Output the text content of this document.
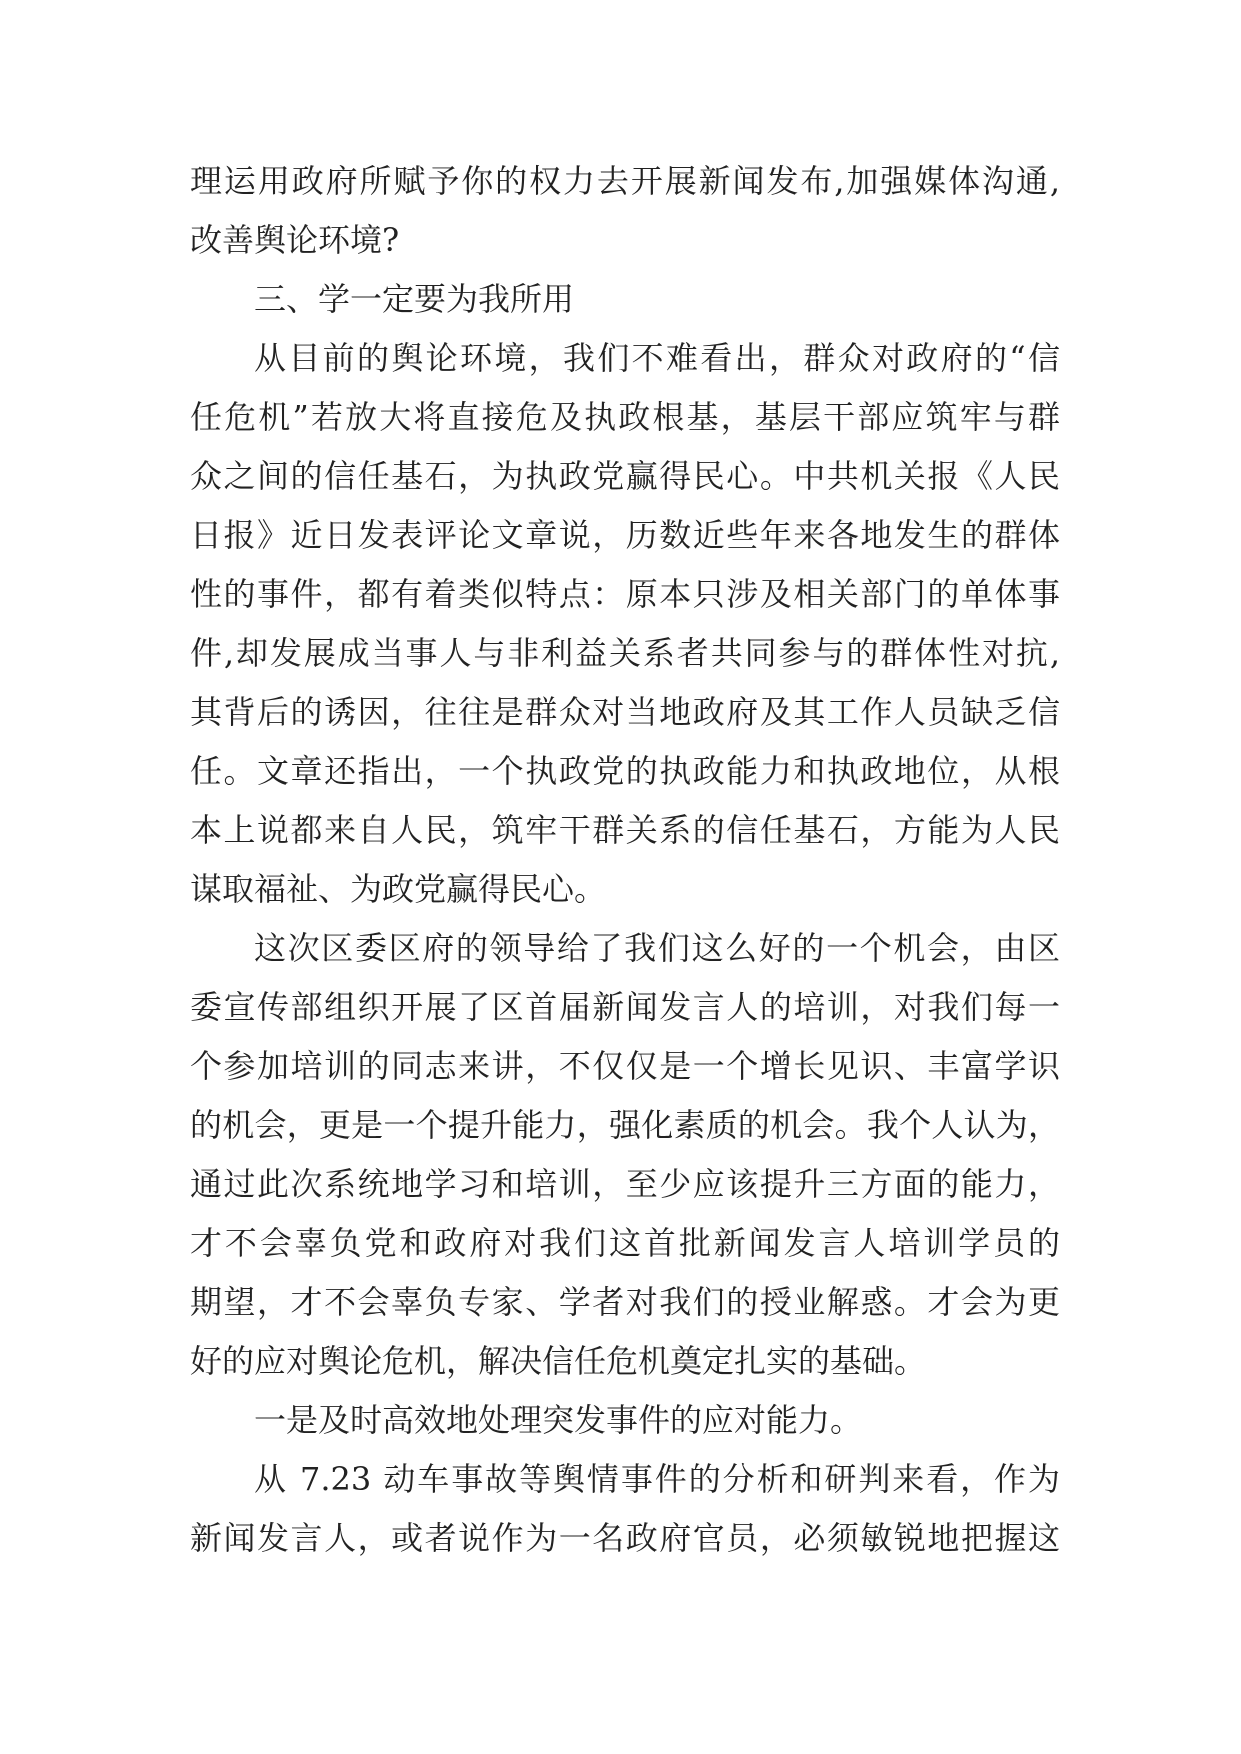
理运用政府所赋予你的权力去开展新闻发布,加强媒体沟通,
改善舆论环境?
三、学一定要为我所用
从目前的舆论环境，我们不难看出，群众对政府的“信
任危机”若放大将直接危及执政根基，基层干部应筑牢与群
众之间的信任基石，为执政党赢得民心。中共机关报《人民
日报》近日发表评论文章说，历数近些年来各地发生的群体
性的事件，都有着类似特点：原本只涉及相关部门的单体事
件,却发展成当事人与非利益关系者共同参与的群体性对抗,
其背后的诱因，往往是群众对当地政府及其工作人员缺乏信
任。文章还指出，一个执政党的执政能力和执政地位，从根
本上说都来自人民，筑牢干群关系的信任基石，方能为人民
谋取福祉、为政党赢得民心。
这次区委区府的领导给了我们这么好的一个机会，由区
委宣传部组织开展了区首届新闻发言人的培训，对我们每一
个参加培训的同志来讲，不仅仅是一个增长见识、丰富学识
的机会，更是一个提升能力，强化素质的机会。我个人认为，
通过此次系统地学习和培训，至少应该提升三方面的能力，
才不会辜负党和政府对我们这首批新闻发言人培训学员的
期望，才不会辜负专家、学者对我们的授业解惑。才会为更
好的应对舆论危机，解决信任危机奠定扎实的基础。
一是及时高效地处理突发事件的应对能力。
从 7.23 动车事故等舆情事件的分析和研判来看，作为
新闻发言人，或者说作为一名政府官员，必须敏锐地把握这
